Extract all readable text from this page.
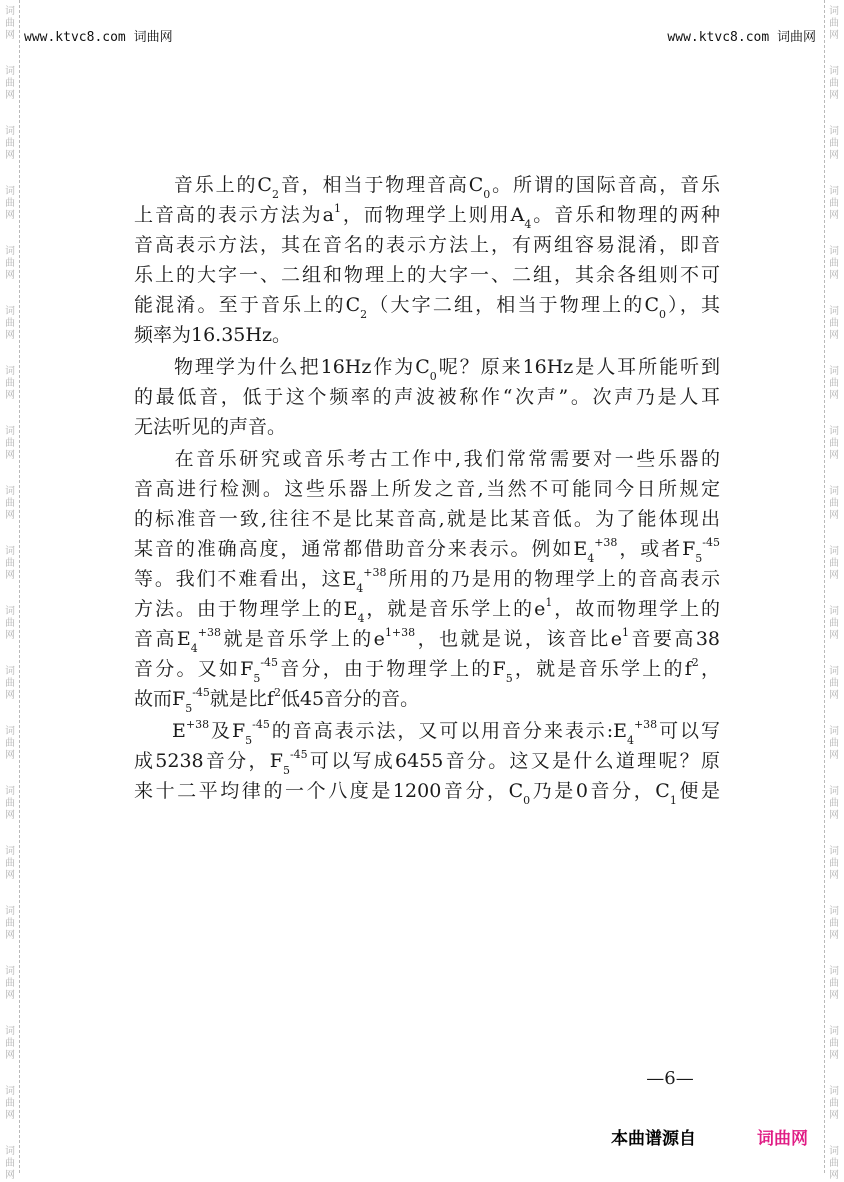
词
曲
网
词
曲
网
词
曲
网
词
曲
网
词
曲
网
词
曲
网
词
曲
网
词
曲
网
词
曲
网
词
曲
网
词
曲
网
词
曲
网
词
曲
网
词
曲
网
词
曲
网
词
曲
网
词
曲
网
词
曲
网
词
曲
网
词
曲
网
词
曲
网
词
曲
网
词
曲
网
词
曲
网
词
曲
网
词
曲
网
词
曲
网
词
曲
网
词
曲
网
词
曲
网
词
曲
网
词
曲
网
词
曲
网
词
曲
网
词
曲
网
词
曲
网
词
曲
网
词
曲
网
词
曲
网
词
曲
网
www.ktvc8.com 词曲网	www.ktvc8.com 词曲网
音乐上的$C_2$音，相当于物理音高$C_0$。所谓的国际音高，音乐
上音高的表示方法为$a^1$，而物理学上则用$A_4$。音乐和物理的两种
音高表示方法，其在音名的表示方法上，有两组容易混淆，即音
乐上的大字一、二组和物理上的大字一、二组，其余各组则不可
能混淆。至于音乐上的$C_2$（大字二组，相当于物理上的$C_0$），其
频率为16.35Hz。
物理学为什么把16Hz作为$C_0$呢？原来16Hz是人耳所能听到
的最低音，低于这个频率的声波被称作“次声”。次声乃是人耳
无法听见的声音。
在音乐研究或音乐考古工作中,我们常常需要对一些乐器的
音高进行检测。这些乐器上所发之音,当然不可能同今日所规定
的标准音一致,往往不是比某音高,就是比某音低。为了能体现出
某音的准确高度，通常都借助音分来表示。例如$E_4^{+38}$，或者$F_5^{-45}$
等。我们不难看出，这$E_4^{+38}$所用的乃是用的物理学上的音高表示
方法。由于物理学上的$E_4$，就是音乐学上的$e^1$，故而物理学上的
音高$E_4^{+38}$就是音乐学上的$e^{1+38}$，也就是说，该音比$e^1$音要高38
音分。又如$F_5^{-45}$音分，由于物理学上的$F_5$，就是音乐学上的$f^2$，
故而$F_5^{-45}$就是比$f^2$低45音分的音。
$E^{+38}$及$F_5^{-45}$的音高表示法，又可以用音分来表示$:E_4^{+38}$可以写
成5238音分，$F_5^{-45}$可以写成6455音分。这又是什么道理呢？原
来十二平均律的一个八度是1200音分，$C_0$乃是0音分，$C_1$便是
—6—
本曲谱源自	词曲网
